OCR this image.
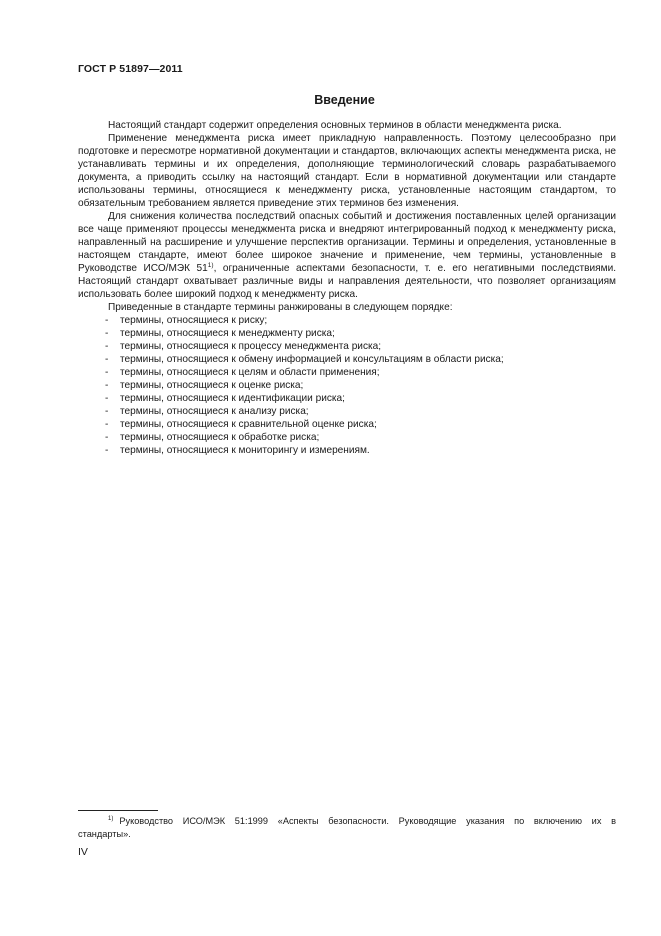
ГОСТ Р 51897—2011
Введение

Настоящий стандарт содержит определения основных терминов в области менеджмента риска.

Применение менеджмента риска имеет прикладную направленность. Поэтому целесообразно при подготовке и пересмотре нормативной документации и стандартов, включающих аспекты менеджмента риска, не устанавливать термины и их определения, дополняющие терминологический словарь разрабатываемого документа, а приводить ссылку на настоящий стандарт. Если в нормативной документации или стандарте использованы термины, относящиеся к менеджменту риска, установленные настоящим стандартом, то обязательным требованием является приведение этих терминов без изменения.

Для снижения количества последствий опасных событий и достижения поставленных целей организации все чаще применяют процессы менеджмента риска и внедряют интегрированный подход к менеджменту риска, направленный на расширение и улучшение перспектив организации. Термины и определения, установленные в настоящем стандарте, имеют более широкое значение и применение, чем термины, установленные в Руководстве ИСО/МЭК 51$^{1)}$, ограниченные аспектами безопасности, т. е. его негативными последствиями. Настоящий стандарт охватывает различные виды и направления деятельности, что позволяет организациям использовать более широкий подход к менеджменту риска.

Приведенные в стандарте термины ранжированы в следующем порядке:

- термины, относящиеся к риску;
- термины, относящиеся к менеджменту риска;
- термины, относящиеся к процессу менеджмента риска;
- термины, относящиеся к обмену информацией и консультациям в области риска;
- термины, относящиеся к целям и области применения;
- термины, относящиеся к оценке риска;
- термины, относящиеся к идентификации риска;
- термины, относящиеся к анализу риска;
- термины, относящиеся к сравнительной оценке риска;
- термины, относящиеся к обработке риска;
- термины, относящиеся к мониторингу и измерениям.
$^{1)}$ Руководство ИСО/МЭК 51:1999 «Аспекты безопасности. Руководящие указания по включению их в стандарты».
IV
